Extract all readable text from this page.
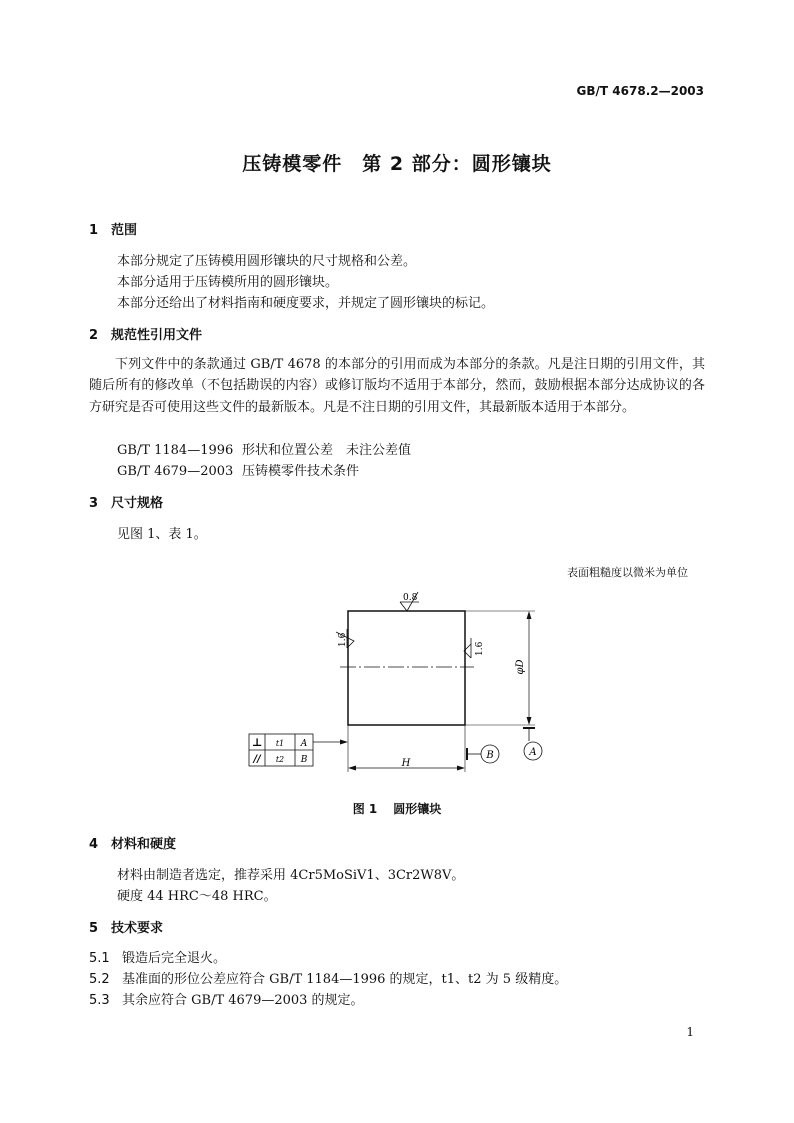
GB/T 4678.2—2003
压铸模零件　第 2 部分：圆形镶块
1 范围
本部分规定了压铸模用圆形镶块的尺寸规格和公差。
本部分适用于压铸模所用的圆形镶块。
本部分还给出了材料指南和硬度要求，并规定了圆形镶块的标记。
2 规范性引用文件
下列文件中的条款通过 GB/T 4678 的本部分的引用而成为本部分的条款。凡是注日期的引用文件，其随后所有的修改单（不包括勘误的内容）或修订版均不适用于本部分，然而，鼓励根据本部分达成协议的各方研究是否可使用这些文件的最新版本。凡是不注日期的引用文件，其最新版本适用于本部分。
GB/T 1184—1996 形状和位置公差　未注公差值
GB/T 4679—2003 压铸模零件技术条件
3 尺寸规格
见图 1、表 1。
表面粗糙度以微米为单位
0.8
1.6
1.6
φD
A
H
B
⊥ t1 A
// t2 B
图 1 圆形镶块
4 材料和硬度
材料由制造者选定，推荐采用 4Cr5MoSiV1、3Cr2W8V。
硬度 44 HRC～48 HRC。
5 技术要求
5.1 锻造后完全退火。
5.2 基准面的形位公差应符合 GB/T 1184—1996 的规定，t1、t2 为 5 级精度。
5.3 其余应符合 GB/T 4679—2003 的规定。
1
